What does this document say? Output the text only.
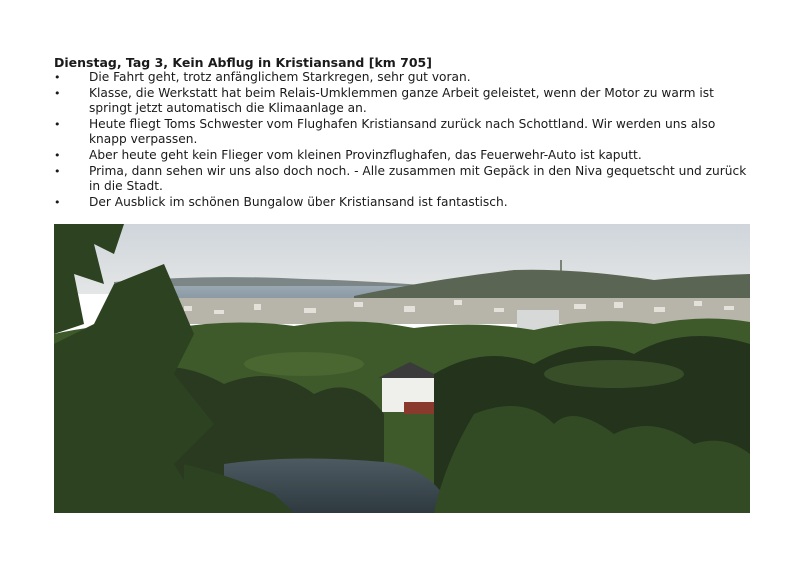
Dienstag, Tag 3, Kein Abflug in Kristiansand [km 705]
• Die Fahrt geht, trotz anfänglichem Starkregen, sehr gut voran.
• Klasse, die Werkstatt hat beim Relais-Umklemmen ganze Arbeit geleistet, wenn der Motor zu warm ist springt jetzt automatisch die Klimaanlage an.
• Heute fliegt Toms Schwester vom Flughafen Kristiansand zurück nach Schottland. Wir werden uns also knapp verpassen.
• Aber heute geht kein Flieger vom kleinen Provinzflughafen, das Feuerwehr-Auto ist kaputt.
• Prima, dann sehen wir uns also doch noch. - Alle zusammen mit Gepäck in den Niva gequetscht und zurück in die Stadt.
• Der Ausblick im schönen Bungalow über Kristiansand ist fantastisch.
